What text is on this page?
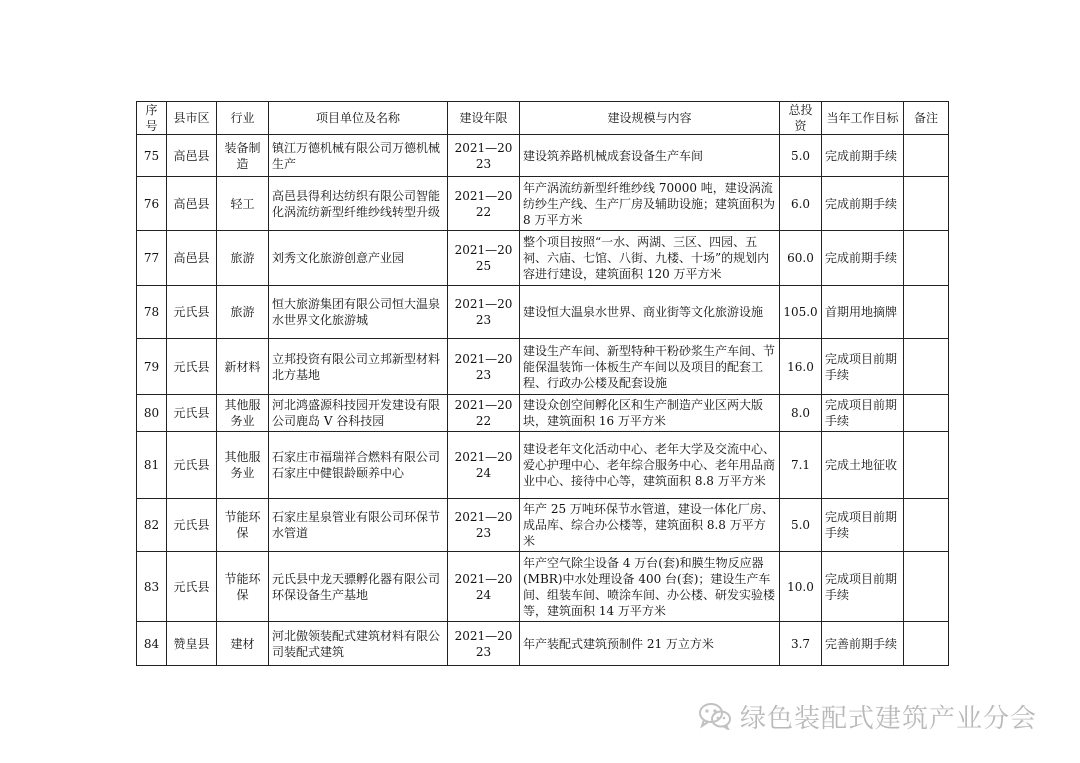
序号	县市区	行业	项目单位及名称	建设年限	建设规模与内容	总投资	当年工作目标	备注
75	高邑县	装备制造	镇江万德机械有限公司万德机械生产	2021—2023	建设筑养路机械成套设备生产车间	5.0	完成前期手续	
76	高邑县	轻工	高邑县得利达纺织有限公司智能化涡流纺新型纤维纱线转型升级	2021—2022	年产涡流纺新型纤维纱线 70000 吨，建设涡流纺纱生产线、生产厂房及辅助设施；建筑面积为 8 万平方米	6.0	完成前期手续	
77	高邑县	旅游	刘秀文化旅游创意产业园	2021—2025	整个项目按照“一水、两湖、三区、四园、五祠、六庙、七馆、八街、九楼、十场”的规划内容进行建设，建筑面积 120 万平方米	60.0	完成前期手续	
78	元氏县	旅游	恒大旅游集团有限公司恒大温泉水世界文化旅游城	2021—2023	建设恒大温泉水世界、商业街等文化旅游设施	105.0	首期用地摘牌	
79	元氏县	新材料	立邦投资有限公司立邦新型材料北方基地	2021—2023	建设生产车间、新型特种干粉砂浆生产车间、节能保温装饰一体板生产车间以及项目的配套工程、行政办公楼及配套设施	16.0	完成项目前期手续	
80	元氏县	其他服务业	河北鸿盛源科技园开发建设有限公司鹿岛 V 谷科技园	2021—2022	建设众创空间孵化区和生产制造产业区两大版块，建筑面积 16 万平方米	8.0	完成项目前期手续	
81	元氏县	其他服务业	石家庄市福瑞祥合燃料有限公司石家庄中健银龄颐养中心	2021—2024	建设老年文化活动中心、老年大学及交流中心、爱心护理中心、老年综合服务中心、老年用品商业中心、接待中心等，建筑面积 8.8 万平方米	7.1	完成土地征收	
82	元氏县	节能环保	石家庄星泉管业有限公司环保节水管道	2021—2023	年产 25 万吨环保节水管道，建设一体化厂房、成品库、综合办公楼等，建筑面积 8.8 万平方米	5.0	完成项目前期手续	
83	元氏县	节能环保	元氏县中龙天骠孵化器有限公司环保设备生产基地	2021—2024	年产空气除尘设备 4 万台(套)和膜生物反应器(MBR)中水处理设备 400 台(套)；建设生产车间、组装车间、喷涂车间、办公楼、研发实验楼等，建筑面积 14 万平方米	10.0	完成项目前期手续	
84	赞皇县	建材	河北傲领装配式建筑材料有限公司装配式建筑	2021—2023	年产装配式建筑预制件 21 万立方米	3.7	完善前期手续	
绿色装配式建筑产业分会
